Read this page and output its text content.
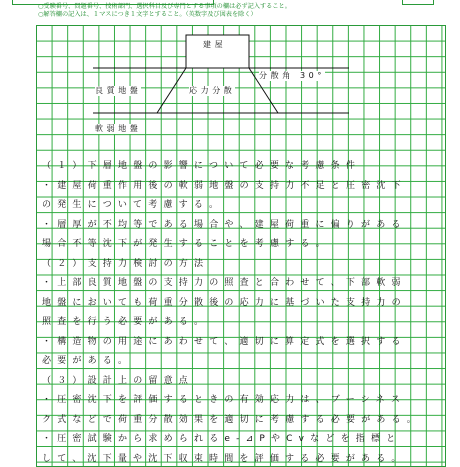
○受験番号、問題番号、技術部門、選択科目及び専門とする事項の欄は必ず記入すること。
○解答欄の記入は、１マスにつき１文字とすること。（英数字及び図表を除く）
建屋
分散角 30°
良質地盤	応力分散
軟弱地盤
（１）下層地盤の影響について必要な考慮条件
・建屋荷重作用後の軟弱地盤の支持力不足と圧密沈下
の発生について考慮する。
・層厚が不均等である場合や、建屋荷重に偏りがある
場合不等沈下が発生することを考慮する。
（２）支持力検討の方法
・上部良質地盤の支持力の照査と合わせて、下部軟弱
地盤においても荷重分散後の応力に基づいた支持力の
照査を行う必要がある。
・構造物の用途にあわせて、適切に算定式を選択する
必要がある。
（３）設計上の留意点
・圧密沈下を評価するときの有効応力は、ブーシネス
ク式などで荷重分散効果を適切に考慮する必要がある。
・圧密試験から求められるe-⊿PやCvなどを指標と
して、沈下量や沈下収束時間を評価する必要がある。
